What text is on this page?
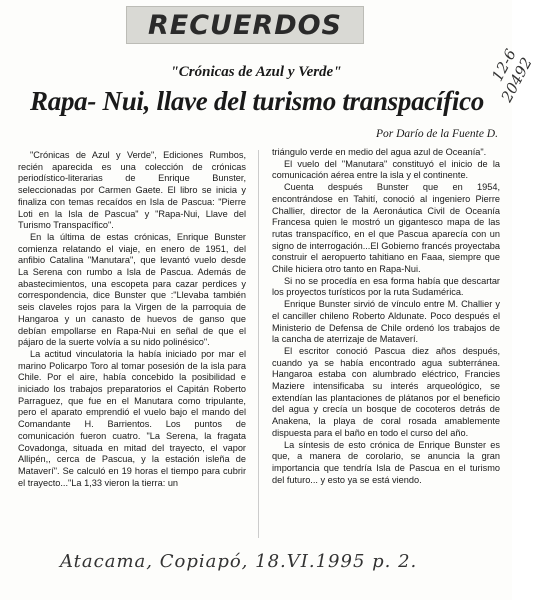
RECUERDOS
12-6 20492
"Crónicas de Azul y Verde"
Rapa- Nui, llave del turismo transpacífico
Por Darío de la Fuente D.

"Crónicas de Azul y Verde", Ediciones Rumbos, recién aparecida es una colección de crónicas periodístico-literarias de Enrique Bunster, seleccionadas por Carmen Gaete. El libro se inicia y finaliza con temas recaídos en Isla de Pascua: "Pierre Loti en la Isla de Pascua" y "Rapa-Nui, Llave del Turismo Transpacífico".

En la última de estas crónicas, Enrique Bunster comienza relatando el viaje, en enero de 1951, del anfibio Catalina "Manutara", que levantó vuelo desde La Serena con rumbo a Isla de Pascua. Además de abastecimientos, una escopeta para cazar perdices y correspondencia, dice Bunster que :"Llevaba también seis claveles rojos para la Virgen de la parroquia de Hangaroa y un canasto de huevos de ganso que debían empollarse en Rapa-Nui en señal de que el pájaro de la suerte volvía a su nido polinésico".

La actitud vinculatoria la había iniciado por mar el marino Policarpo Toro al tomar posesión de la isla para Chile. Por el aire, había concebido la posibilidad e iniciado los trabajos preparatorios el Capitán Roberto Parraguez, que fue en el Manutara como tripulante, pero el aparato emprendió el vuelo bajo el mando del Comandante H. Barrientos. Los puntos de comunicación fueron cuatro. "La Serena, la fragata Covadonga, situada en mitad del trayecto, el vapor Allipén,, cerca de Pascua, y la estación isleña de Mataverí". Se calculó en 19 horas el tiempo para cubrir el trayecto..."La 1,33 vieron la tierra: un

triángulo verde en medio del agua azul de Oceanía".

El vuelo del "Manutara" constituyó el inicio de la comunicación aérea entre la isla y el continente.

Cuenta después Bunster que en 1954, encontrándose en Tahití, conoció al ingeniero Pierre Challier, director de la Aeronáutica Civil de Oceanía Francesa quien le mostró un gigantesco mapa de las rutas transpacífico, en el que Pascua aparecía con un signo de interrogación...El Gobierno francés proyectaba construir el aeropuerto tahitiano en Faaa, siempre que Chile hiciera otro tanto en Rapa-Nui.

Si no se procedía en esa forma había que descartar los proyectos turísticos por la ruta Sudamérica.

Enrique Bunster sirvió de vínculo entre M. Challier y el canciller chileno Roberto Aldunate. Poco después el Ministerio de Defensa de Chile ordenó los trabajos de la cancha de aterrizaje de Mataverí.

El escritor conoció Pascua diez años después, cuando ya se había encontrado agua subterránea. Hangaroa estaba con alumbrado eléctrico, Francies Maziere intensificaba su interés arqueológico, se extendían las plantaciones de plátanos por el beneficio del agua y crecía un bosque de cocoteros detrás de Anakena, la playa de coral rosada amablemente dispuesta para el baño en todo el curso del año.

La síntesis de esto crónica de Enrique Bunster es que, a manera de corolario, se anuncia la gran importancia que tendría Isla de Pascua en el turismo del futuro... y esto ya se está viendo.

Atacama, Copiapó, 18.VI.1995 p. 2.
